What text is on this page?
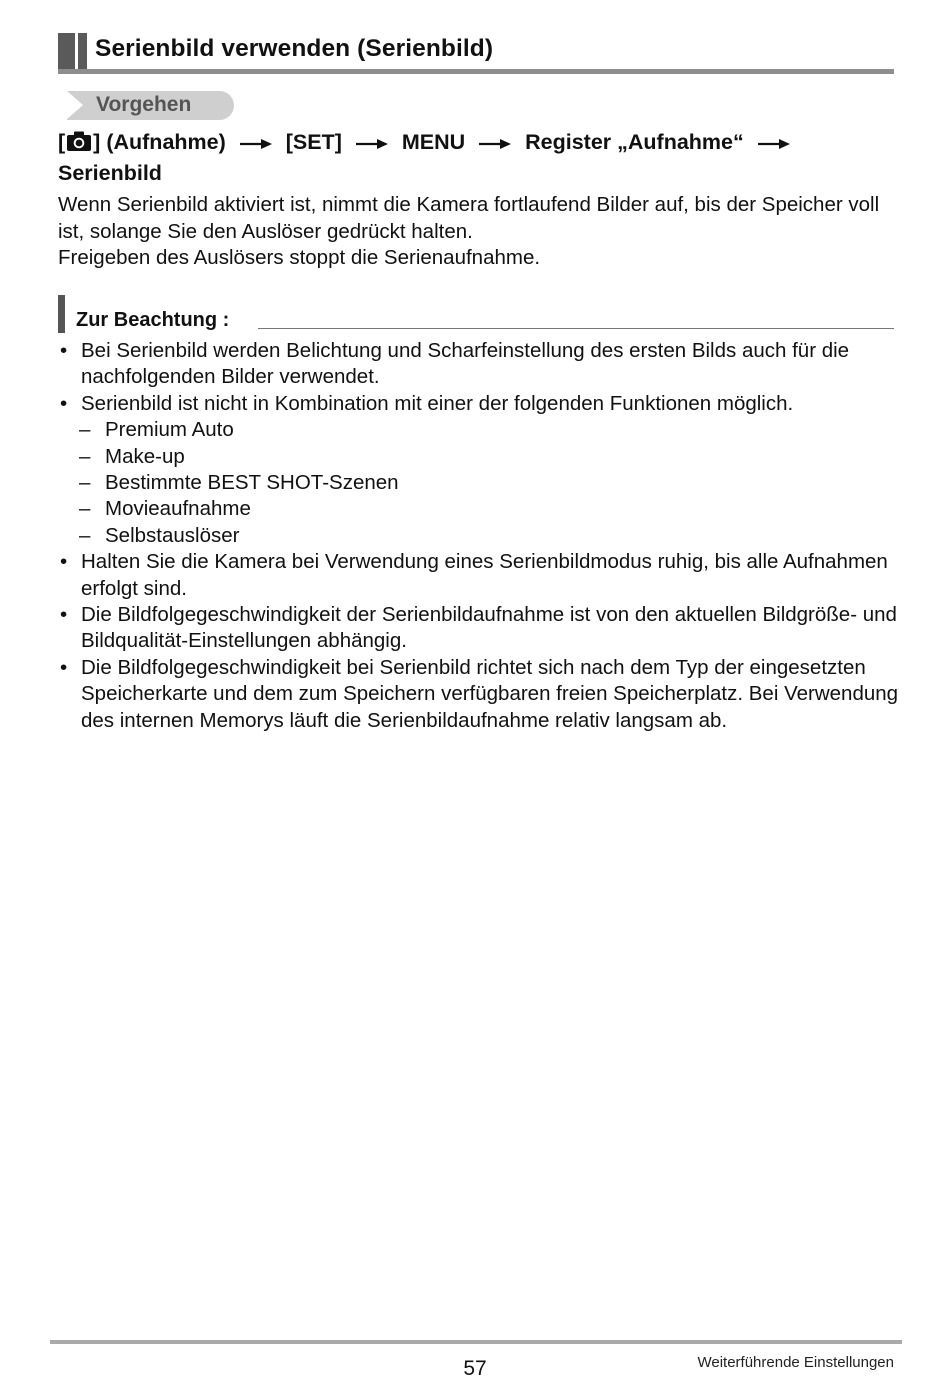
Serienbild verwenden (Serienbild)
Vorgehen
[ ] (Aufnahme)	[SET]	MENU	Register „Aufnahme“
Serienbild

Wenn Serienbild aktiviert ist, nimmt die Kamera fortlaufend Bilder auf, bis der Speicher voll ist, solange Sie den Auslöser gedrückt halten.

Freigeben des Auslösers stoppt die Serienaufnahme.

Zur Beachtung :
• Bei Serienbild werden Belichtung und Scharfeinstellung des ersten Bilds auch für die nachfolgenden Bilder verwendet.
• Serienbild ist nicht in Kombination mit einer der folgenden Funktionen möglich.
– Premium Auto
– Make-up
– Bestimmte BEST SHOT-Szenen
– Movieaufnahme
– Selbstauslöser
• Halten Sie die Kamera bei Verwendung eines Serienbildmodus ruhig, bis alle Aufnahmen erfolgt sind.
• Die Bildfolgegeschwindigkeit der Serienbildaufnahme ist von den aktuellen Bildgröße- und Bildqualität-Einstellungen abhängig.
• Die Bildfolgegeschwindigkeit bei Serienbild richtet sich nach dem Typ der eingesetzten Speicherkarte und dem zum Speichern verfügbaren freien Speicherplatz. Bei Verwendung des internen Memorys läuft die Serienbildaufnahme relativ langsam ab.
57	Weiterführende Einstellungen
